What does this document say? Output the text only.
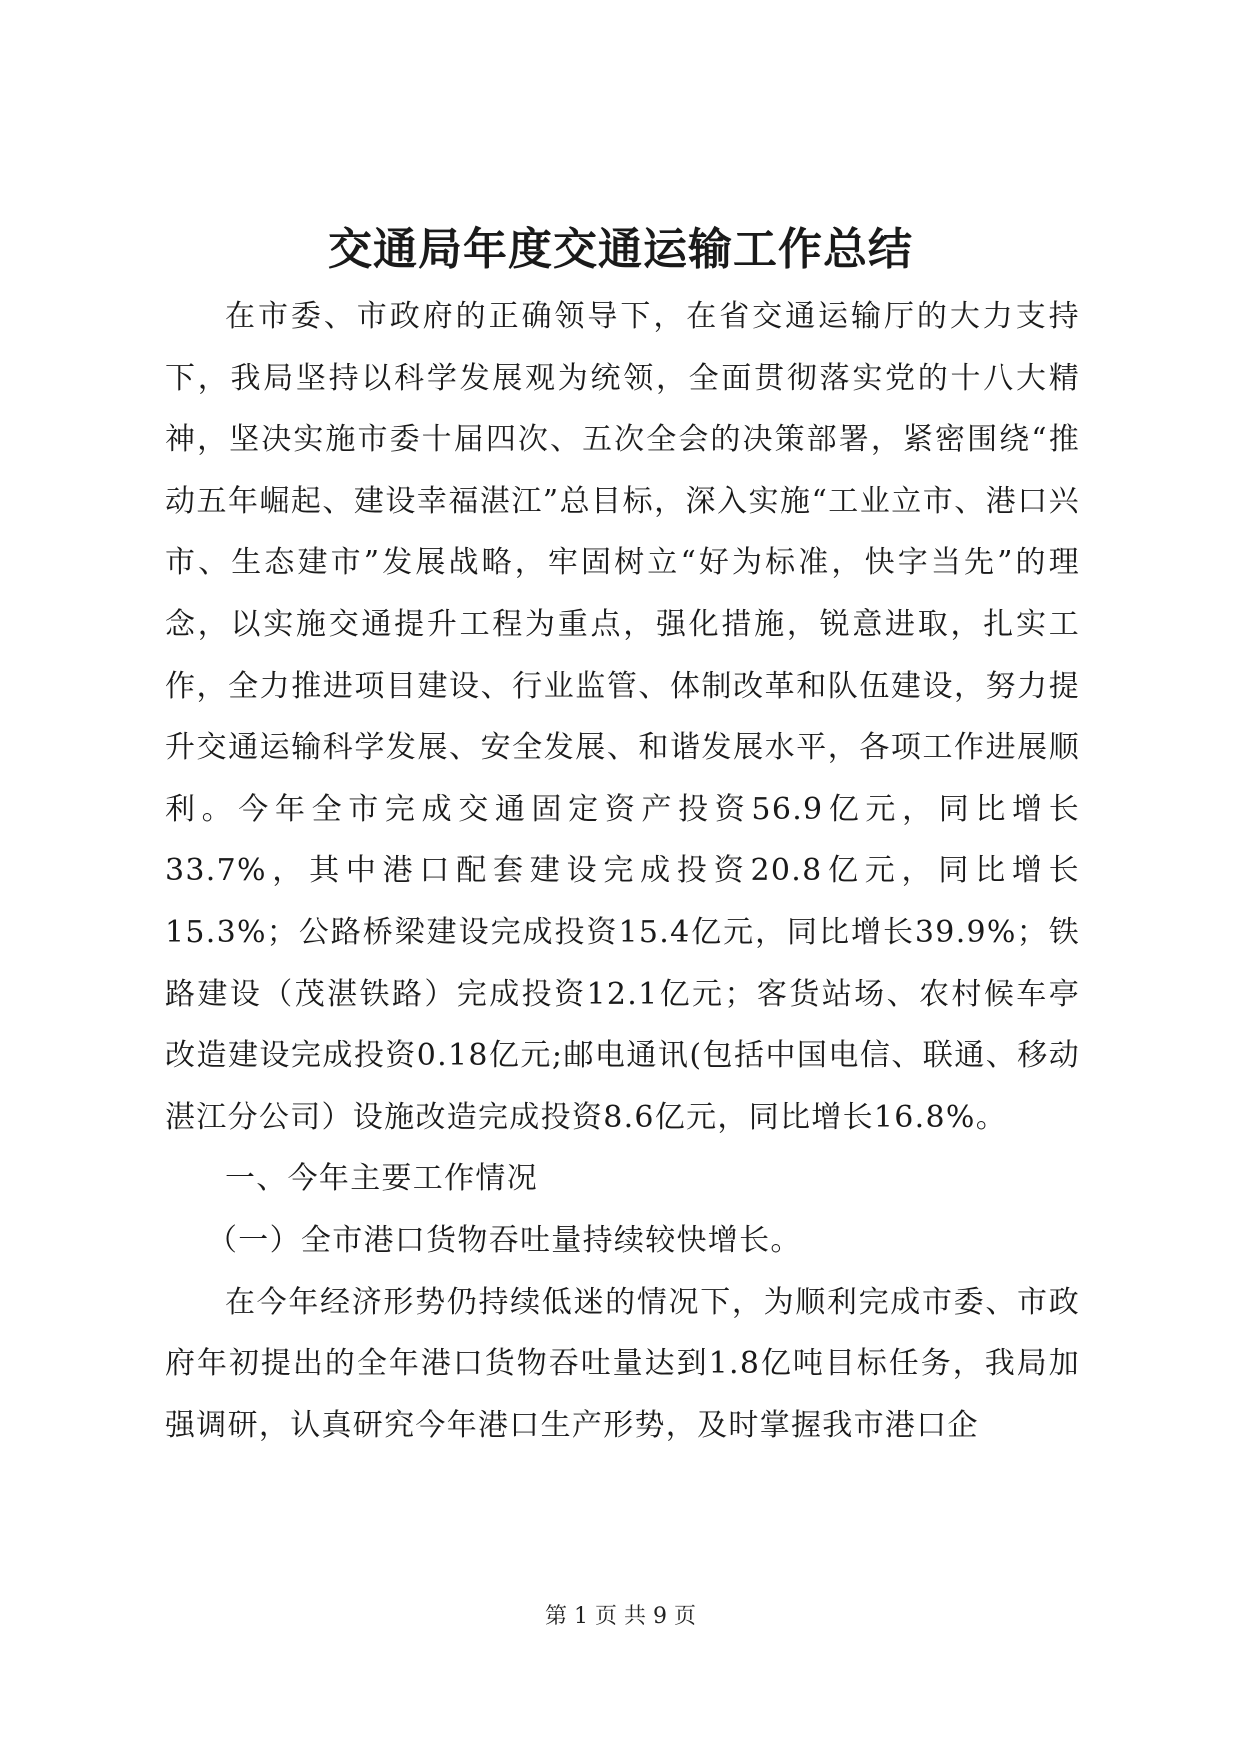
交通局年度交通运输工作总结

在市委、市政府的正确领导下，在省交通运输厅的大力支持下，我局坚持以科学发展观为统领，全面贯彻落实党的十八大精神，坚决实施市委十届四次、五次全会的决策部署，紧密围绕“推动五年崛起、建设幸福湛江”总目标，深入实施“工业立市、港口兴市、生态建市”发展战略，牢固树立“好为标准，快字当先”的理念，以实施交通提升工程为重点，强化措施，锐意进取，扎实工作，全力推进项目建设、行业监管、体制改革和队伍建设，努力提升交通运输科学发展、安全发展、和谐发展水平，各项工作进展顺利。今年全市完成交通固定资产投资56.9亿元，同比增长33.7%，其中港口配套建设完成投资20.8亿元，同比增长15.3%；公路桥梁建设完成投资15.4亿元，同比增长39.9%；铁路建设（茂湛铁路）完成投资12.1亿元；客货站场、农村候车亭改造建设完成投资0.18亿元;邮电通讯(包括中国电信、联通、移动湛江分公司）设施改造完成投资8.6亿元，同比增长16.8%。

一、今年主要工作情况

（一）全市港口货物吞吐量持续较快增长。

在今年经济形势仍持续低迷的情况下，为顺利完成市委、市政府年初提出的全年港口货物吞吐量达到1.8亿吨目标任务，我局加强调研，认真研究今年港口生产形势，及时掌握我市港口企

第 1 页 共 9 页
